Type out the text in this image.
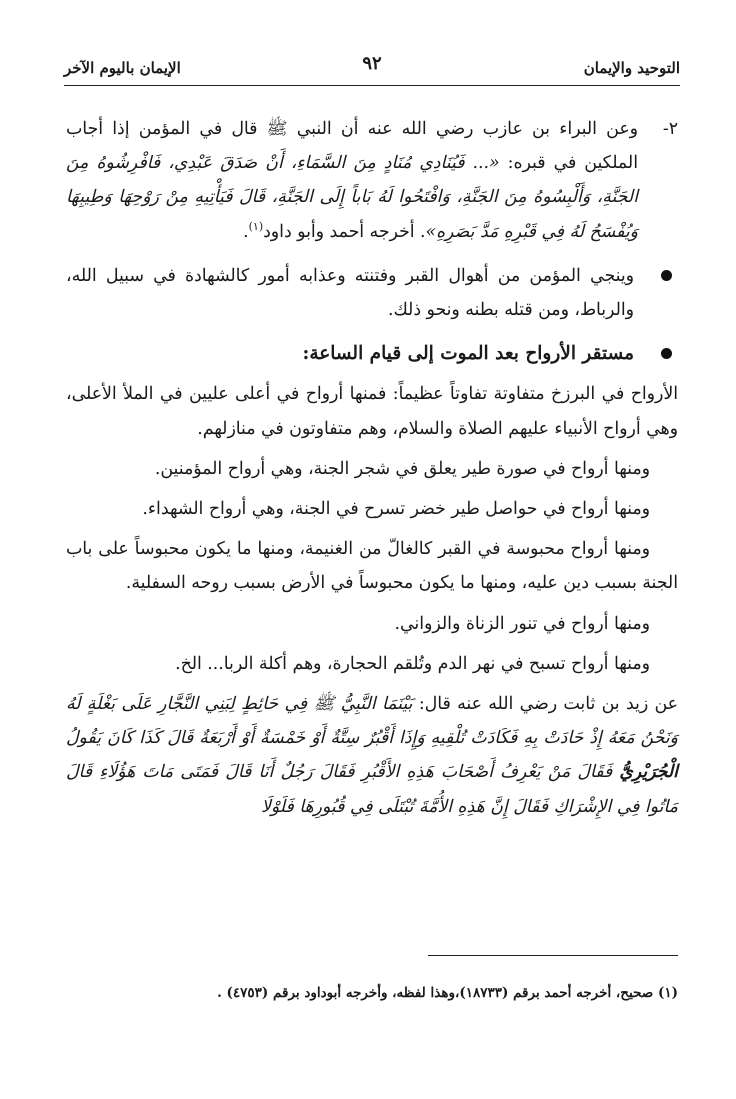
التوحيد والإيمان
٩٢
الإيمان باليوم الآخر

٢-
وعن البراء بن عازب رضي الله عنه أن النبي ﷺ قال في المؤمن إذا أجاب الملكين في قبره: «... فَيُنَادِي مُنَادٍ مِنَ السَّمَاءِ، أَنْ صَدَقَ عَبْدِي، فَافْرِشُوهُ مِنَ الجَنَّةِ، وَأَلْبِسُوهُ مِنَ الجَنَّةِ، وَافْتَحُوا لَهُ بَاباً إِلَى الجَنَّةِ، قَالَ فَيَأْتِيهِ مِنْ رَوْحِهَا وَطِيبِهَا وَيُفْسَحُ لَهُ فِي قَبْرِهِ مَدَّ بَصَرِهِ». أخرجه أحمد وأبو داود$^{(١)}$.

وينجي المؤمن من أهوال القبر وفتنته وعذابه أمور كالشهادة في سبيل الله، والرباط، ومن قتله بطنه ونحو ذلك.

مستقر الأرواح بعد الموت إلى قيام الساعة:

الأرواح في البرزخ متفاوتة تفاوتاً عظيماً: فمنها أرواح في أعلى عليين في الملأ الأعلى، وهي أرواح الأنبياء عليهم الصلاة والسلام، وهم متفاوتون في منازلهم.

ومنها أرواح في صورة طير يعلق في شجر الجنة، وهي أرواح المؤمنين.

ومنها أرواح في حواصل طير خضر تسرح في الجنة، وهي أرواح الشهداء.

ومنها أرواح محبوسة في القبر كالغالّ من الغنيمة، ومنها ما يكون محبوساً على باب الجنة بسبب دين عليه، ومنها ما يكون محبوساً في الأرض بسبب روحه السفلية.

ومنها أرواح في تنور الزناة والزواني.

ومنها أرواح تسبح في نهر الدم وتُلقم الحجارة، وهم أكلة الربا... الخ.

عن زيد بن ثابت رضي الله عنه قال: بَيْنَمَا النَّبِيُّ ﷺ فِي حَائِطٍ لِبَنِي النَّجَّارِ عَلَى بَغْلَةٍ لَهُ وَنَحْنُ مَعَهُ إِذْ حَادَتْ بِهِ فَكَادَتْ تُلْقِيهِ وَإِذَا أَقْبُرٌ سِتَّةٌ أَوْ خَمْسَةٌ أَوْ أَرْبَعَةٌ قَالَ كَذَا كَانَ يَقُولُ الْجُرَيْرِيُّ فَقَالَ مَنْ يَعْرِفُ أَصْحَابَ هَذِهِ الأَقْبُرِ فَقَالَ رَجُلٌ أَنَا قَالَ فَمَتَى مَاتَ هَؤُلَاءِ قَالَ مَاتُوا فِي الإِشْرَاكِ فَقَالَ إِنَّ هَذِهِ الأُمَّةَ تُبْتَلَى فِي قُبُورِهَا فَلَوْلَا

(١) صحيح، أخرجه أحمد برقم (١٨٧٣٣)،وهذا لفظه، وأخرجه أبوداود برقم (٤٧٥٣) .
